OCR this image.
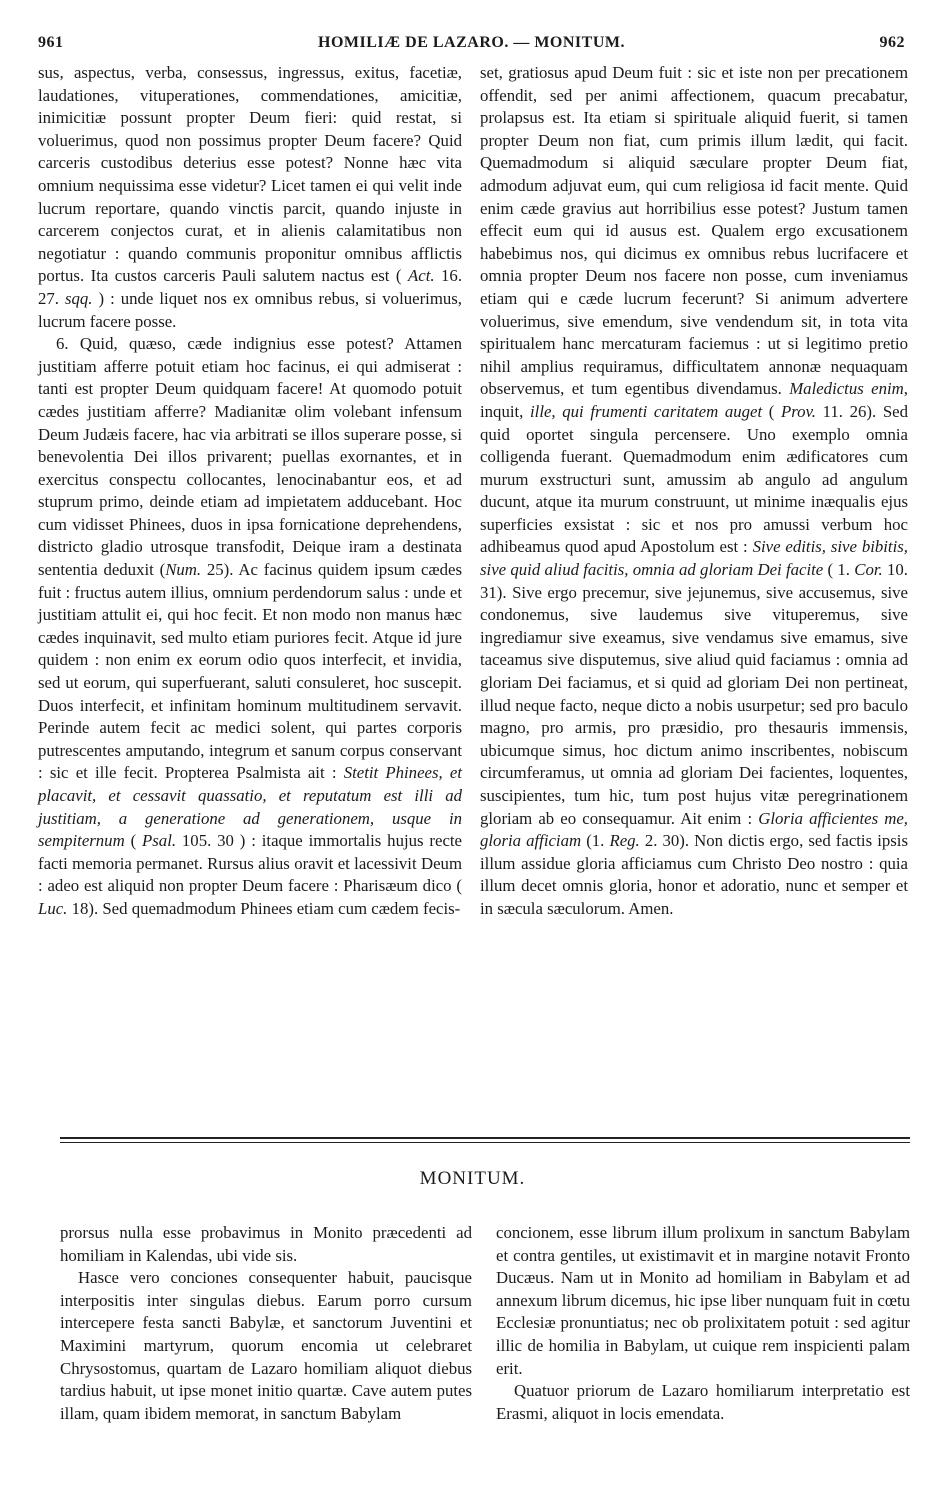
961	HOMILIÆ DE LAZARO. — MONITUM.	962

sus, aspectus, verba, consessus, ingressus, exitus, facetiæ, laudationes, vituperationes, commendationes, amicitiæ, inimicitiæ possunt propter Deum fieri: quid restat, si voluerimus, quod non possimus propter Deum facere? Quid carceris custodibus deterius esse potest? Nonne hæc vita omnium nequissima esse videtur? Licet tamen ei qui velit inde lucrum reportare, quando vinctis parcit, quando injuste in carcerem conjectos curat, et in alienis calamitatibus non negotiatur : quando communis proponitur omnibus afflictis portus. Ita custos carceris Pauli salutem nactus est ( Act. 16. 27. sqq. ) : unde liquet nos ex omnibus rebus, si voluerimus, lucrum facere posse.

6. Quid, quæso, cæde indignius esse potest? Attamen justitiam afferre potuit etiam hoc facinus, ei qui admiserat : tanti est propter Deum quidquam facere! At quomodo potuit cædes justitiam afferre? Madianitæ olim volebant infensum Deum Judæis facere, hac via arbitrati se illos superare posse, si benevolentia Dei illos privarent; puellas exornantes, et in exercitus conspectu collocantes, lenocinabantur eos, et ad stuprum primo, deinde etiam ad impietatem adducebant. Hoc cum vidisset Phinees, duos in ipsa fornicatione deprehendens, districto gladio utrosque transfodit, Deique iram a destinata sententia deduxit (Num. 25). Ac facinus quidem ipsum cædes fuit : fructus autem illius, omnium perdendorum salus : unde et justitiam attulit ei, qui hoc fecit. Et non modo non manus hæc cædes inquinavit, sed multo etiam puriores fecit. Atque id jure quidem : non enim ex eorum odio quos interfecit, et invidia, sed ut eorum, qui superfuerant, saluti consuleret, hoc suscepit. Duos interfecit, et infinitam hominum multitudinem servavit. Perinde autem fecit ac medici solent, qui partes corporis putrescentes amputando, integrum et sanum corpus conservant : sic et ille fecit. Propterea Psalmista ait : Stetit Phinees, et placavit, et cessavit quassatio, et reputatum est illi ad justitiam, a generatione ad generationem, usque in sempiternum ( Psal. 105. 30 ) : itaque immortalis hujus recte facti memoria permanet. Rursus alius oravit et lacessivit Deum : adeo est aliquid non propter Deum facere : Pharisæum dico ( Luc. 18). Sed quemadmodum Phinees etiam cum cædem fecis-

set, gratiosus apud Deum fuit : sic et iste non per precationem offendit, sed per animi affectionem, quacum precabatur, prolapsus est. Ita etiam si spirituale aliquid fuerit, si tamen propter Deum non fiat, cum primis illum lædit, qui facit. Quemadmodum si aliquid sæculare propter Deum fiat, admodum adjuvat eum, qui cum religiosa id facit mente. Quid enim cæde gravius aut horribilius esse potest? Justum tamen effecit eum qui id ausus est. Qualem ergo excusationem habebimus nos, qui dicimus ex omnibus rebus lucrifacere et omnia propter Deum nos facere non posse, cum inveniamus etiam qui e cæde lucrum fecerunt? Si animum advertere voluerimus, sive emendum, sive vendendum sit, in tota vita spiritualem hanc mercaturam faciemus : ut si legitimo pretio nihil amplius requiramus, difficultatem annonæ nequaquam observemus, et tum egentibus divendamus. Maledictus enim, inquit, ille, qui frumenti caritatem auget ( Prov. 11. 26). Sed quid oportet singula percensere. Uno exemplo omnia colligenda fuerant. Quemadmodum enim ædificatores cum murum exstructuri sunt, amussim ab angulo ad angulum ducunt, atque ita murum construunt, ut minime inæqualis ejus superficies exsistat : sic et nos pro amussi verbum hoc adhibeamus quod apud Apostolum est : Sive editis, sive bibitis, sive quid aliud facitis, omnia ad gloriam Dei facite ( 1. Cor. 10. 31). Sive ergo precemur, sive jejunemus, sive accusemus, sive condonemus, sive laudemus sive vituperemus, sive ingrediamur sive exeamus, sive vendamus sive emamus, sive taceamus sive disputemus, sive aliud quid faciamus : omnia ad gloriam Dei faciamus, et si quid ad gloriam Dei non pertineat, illud neque facto, neque dicto a nobis usurpetur; sed pro baculo magno, pro armis, pro præsidio, pro thesauris immensis, ubicumque simus, hoc dictum animo inscribentes, nobiscum circumferamus, ut omnia ad gloriam Dei facientes, loquentes, suscipientes, tum hic, tum post hujus vitæ peregrinationem gloriam ab eo consequamur. Ait enim : Gloria afficientes me, gloria afficiam (1. Reg. 2. 30). Non dictis ergo, sed factis ipsis illum assidue gloria afficiamus cum Christo Deo nostro : quia illum decet omnis gloria, honor et adoratio, nunc et semper et in sæcula sæculorum. Amen.

MONITUM.

prorsus nulla esse probavimus in Monito præcedenti ad homiliam in Kalendas, ubi vide sis.

Hasce vero conciones consequenter habuit, paucisque interpositis inter singulas diebus. Earum porro cursum intercepere festa sancti Babylæ, et sanctorum Juventini et Maximini martyrum, quorum encomia ut celebraret Chrysostomus, quartam de Lazaro homiliam aliquot diebus tardius habuit, ut ipse monet initio quartæ. Cave autem putes illam, quam ibidem memorat, in sanctum Babylam

concionem, esse librum illum prolixum in sanctum Babylam et contra gentiles, ut existimavit et in margine notavit Fronto Ducæus. Nam ut in Monito ad homiliam in Babylam et ad annexum librum dicemus, hic ipse liber nunquam fuit in cœtu Ecclesiæ pronuntiatus; nec ob prolixitatem potuit : sed agitur illic de homilia in Babylam, ut cuique rem inspicienti palam erit.

Quatuor priorum de Lazaro homiliarum interpretatio est Erasmi, aliquot in locis emendata.
